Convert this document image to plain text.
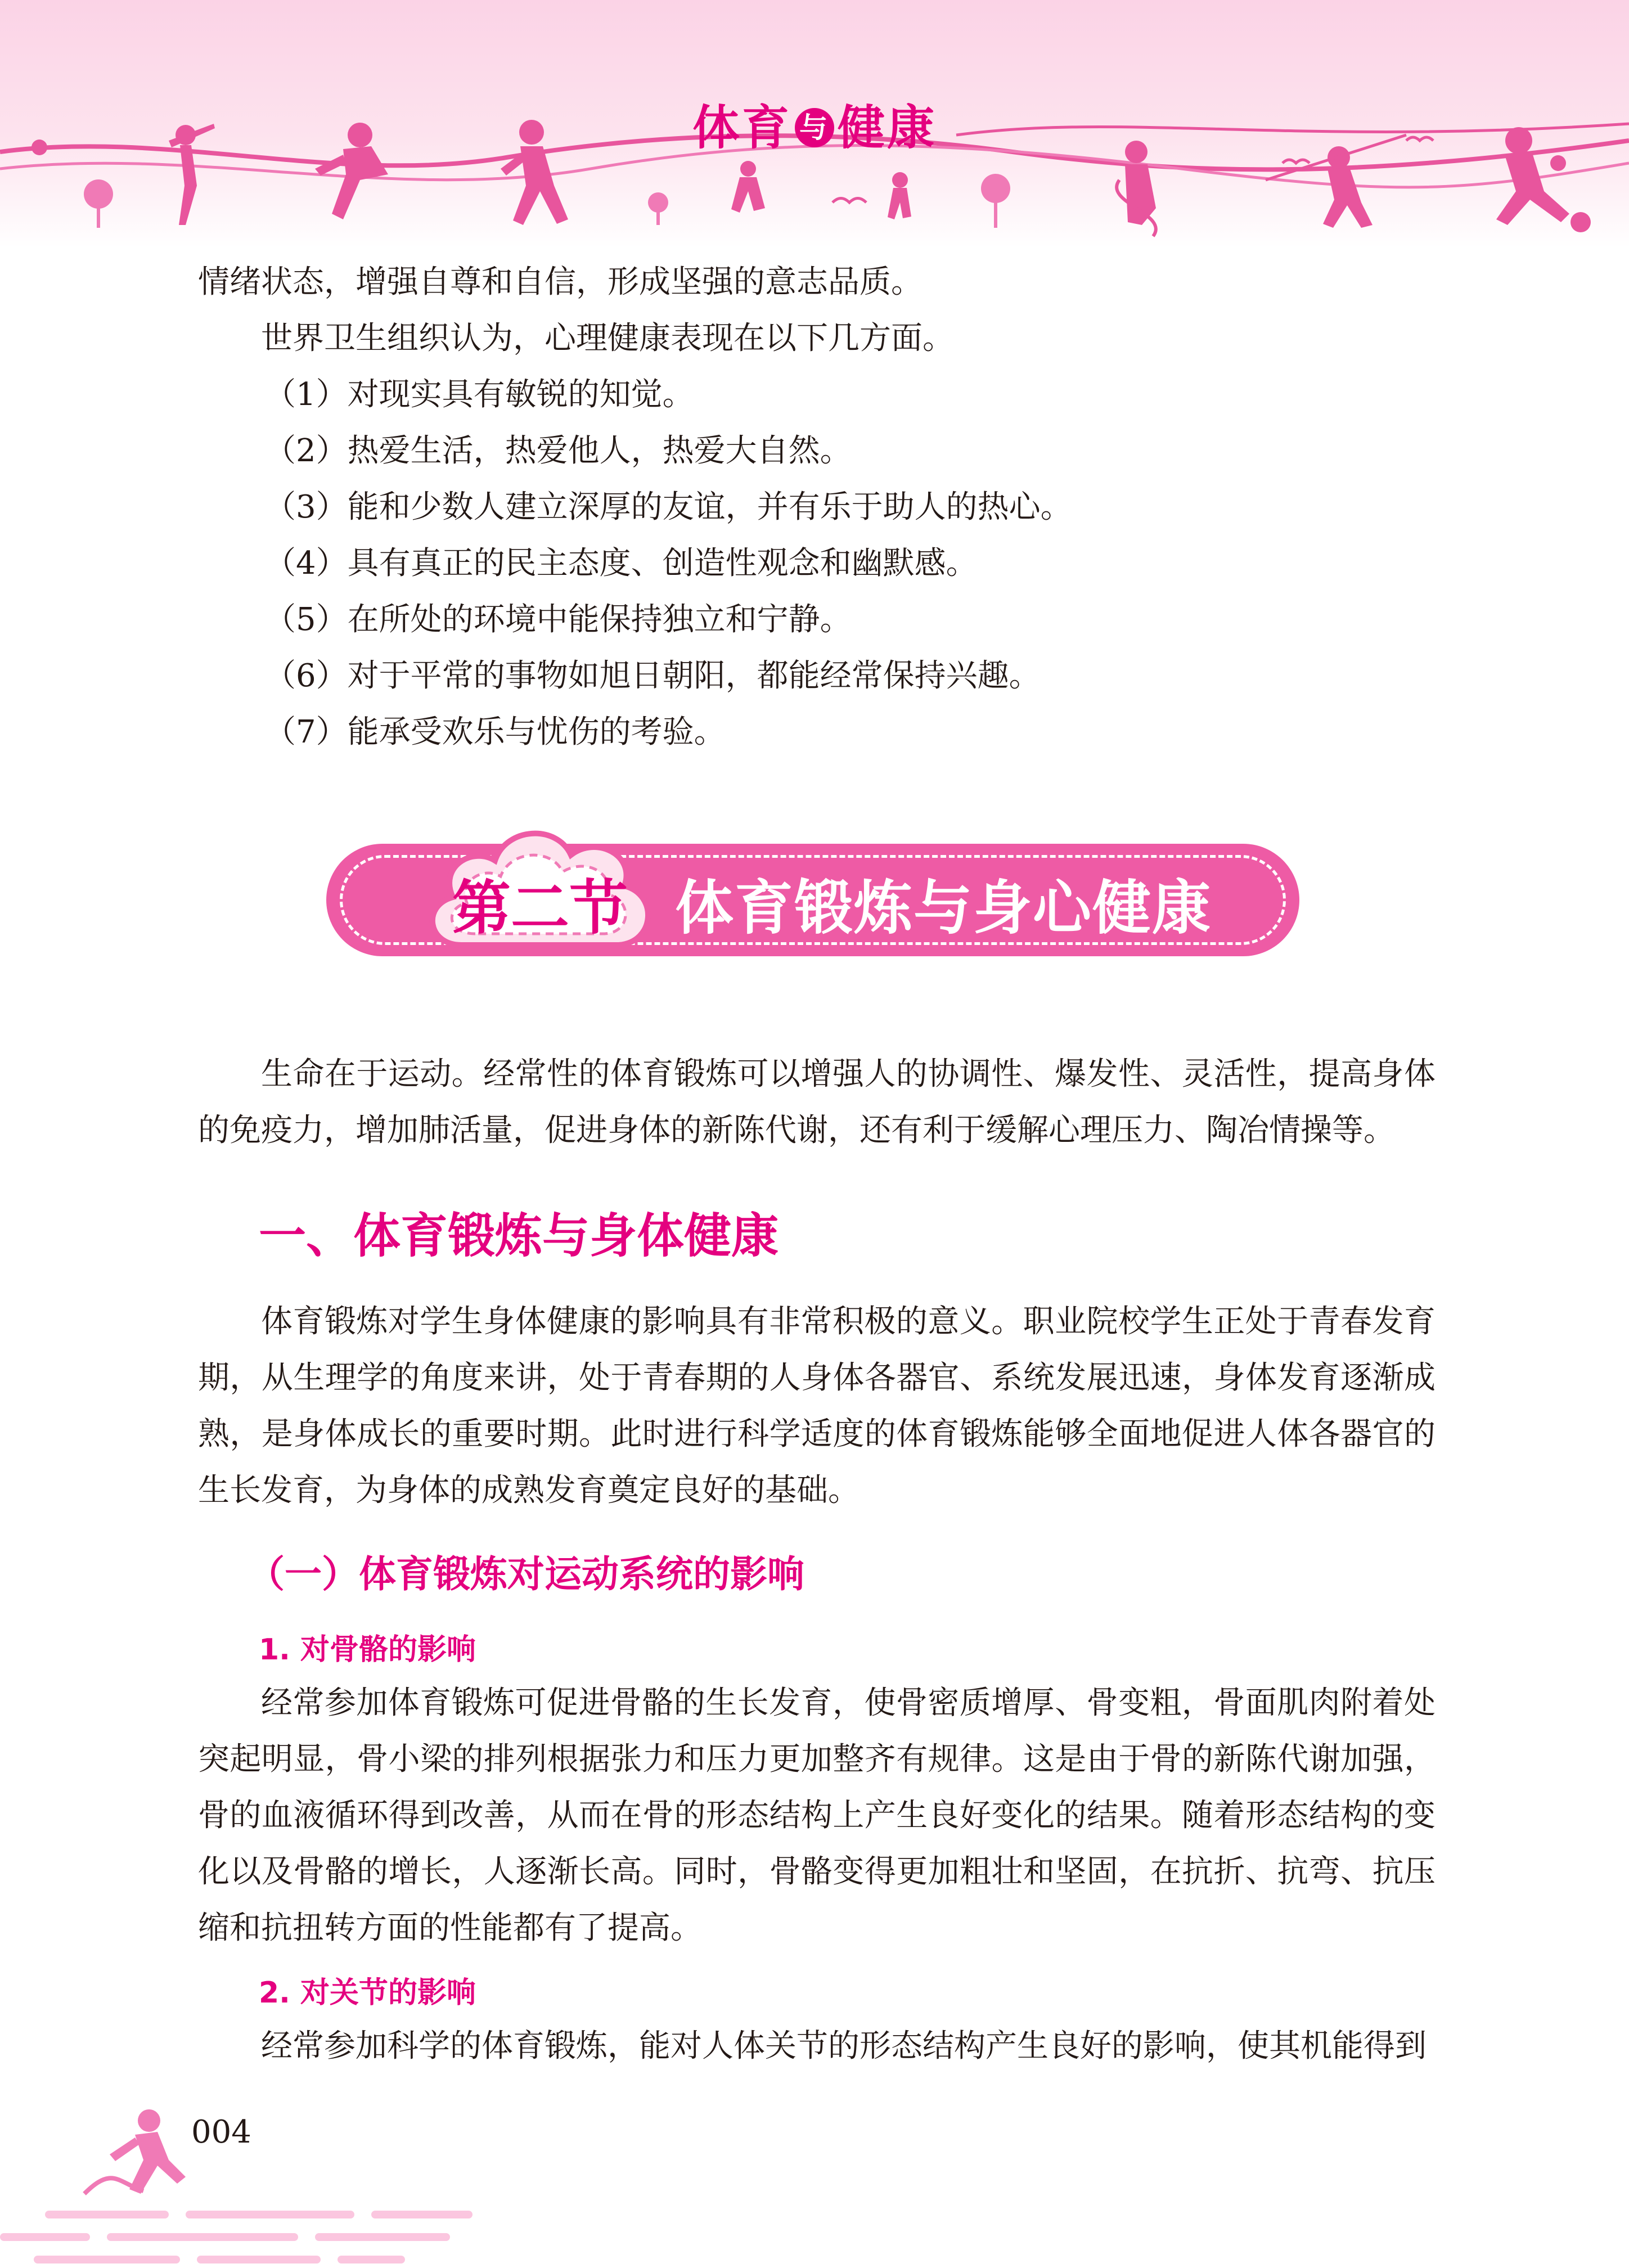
体育 与 健康

情绪状态，增强自尊和自信，形成坚强的意志品质。

世界卫生组织认为，心理健康表现在以下几方面。

（1）对现实具有敏锐的知觉。

（2）热爱生活，热爱他人，热爱大自然。

（3）能和少数人建立深厚的友谊，并有乐于助人的热心。

（4）具有真正的民主态度、创造性观念和幽默感。

（5）在所处的环境中能保持独立和宁静。

（6）对于平常的事物如旭日朝阳，都能经常保持兴趣。

（7）能承受欢乐与忧伤的考验。

第二节 体育锻炼与身心健康

生命在于运动。经常性的体育锻炼可以增强人的协调性、爆发性、灵活性，提高身体的免疫力，增加肺活量，促进身体的新陈代谢，还有利于缓解心理压力、陶冶情操等。

一、体育锻炼与身体健康

体育锻炼对学生身体健康的影响具有非常积极的意义。职业院校学生正处于青春发育期，从生理学的角度来讲，处于青春期的人身体各器官、系统发展迅速，身体发育逐渐成熟，是身体成长的重要时期。此时进行科学适度的体育锻炼能够全面地促进人体各器官的生长发育，为身体的成熟发育奠定良好的基础。

（一）体育锻炼对运动系统的影响
1. 对骨骼的影响

经常参加体育锻炼可促进骨骼的生长发育，使骨密质增厚、骨变粗，骨面肌肉附着处突起明显，骨小梁的排列根据张力和压力更加整齐有规律。这是由于骨的新陈代谢加强，骨的血液循环得到改善，从而在骨的形态结构上产生良好变化的结果。随着形态结构的变化以及骨骼的增长，人逐渐长高。同时，骨骼变得更加粗壮和坚固，在抗折、抗弯、抗压缩和抗扭转方面的性能都有了提高。

2. 对关节的影响

经常参加科学的体育锻炼，能对人体关节的形态结构产生良好的影响，使其机能得到

004
